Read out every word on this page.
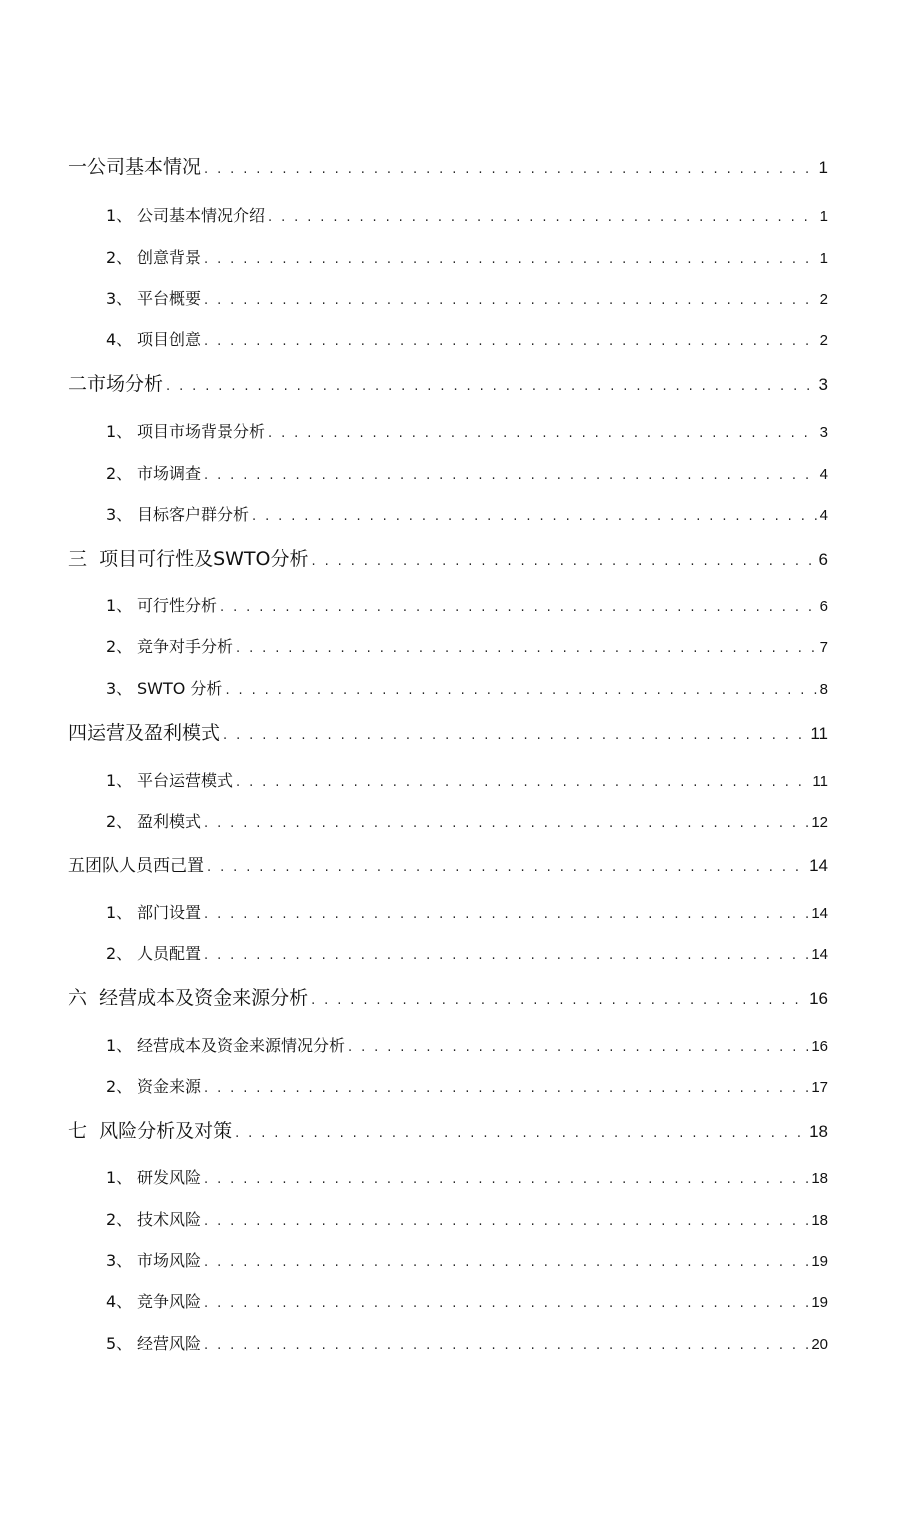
一公司基本情况 . . .	1
1、 公司基本情况介绍 . . .	1
2、 创意背景 . . .	1
3、 平台概要 . . .	2
4、 项目创意 . . .	2
二市场分析 . . .	3
1、 项目市场背景分析 . . .	3
2、 市场调查 . . .	4
3、 目标客户群分析 . . .	4
三  项目可行性及SWTO分析 . . .	6
1、 可行性分析 . . .	6
2、 竞争对手分析 . . .	7
3、 SWTO 分析 . . .	8
四运营及盈利模式 . . .	11
1、 平台运营模式 . . .	11
2、 盈利模式 . . .	12
五团队人员西己置 . . .	14
1、 部门设置 . . .	14
2、 人员配置 . . .	14
六  经营成本及资金来源分析 . . .	16
1、 经营成本及资金来源情况分析 . . .	16
2、 资金来源 . . .	17
七  风险分析及对策 . . .	18
1、 研发风险 . . .	18
2、 技术风险 . . .	18
3、 市场风险 . . .	19
4、 竞争风险 . . .	19
5、 经营风险 . . .	20
